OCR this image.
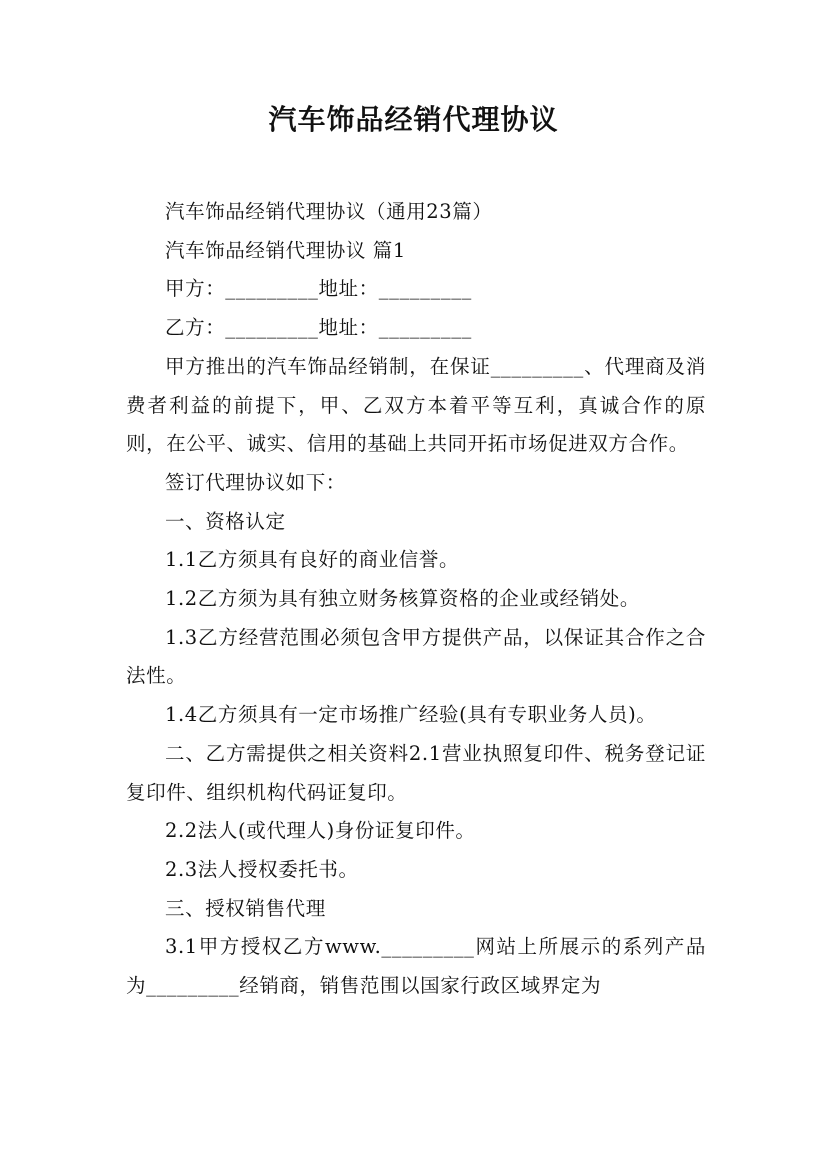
汽车饰品经销代理协议

汽车饰品经销代理协议（通用23篇）

汽车饰品经销代理协议 篇1

甲方：_________地址：_________

乙方：_________地址：_________

甲方推出的汽车饰品经销制，在保证_________、代理商及消费者利益的前提下，甲、乙双方本着平等互利，真诚合作的原则，在公平、诚实、信用的基础上共同开拓市场促进双方合作。

签订代理协议如下：

一、资格认定

1.1乙方须具有良好的商业信誉。

1.2乙方须为具有独立财务核算资格的企业或经销处。

1.3乙方经营范围必须包含甲方提供产品，以保证其合作之合法性。

1.4乙方须具有一定市场推广经验(具有专职业务人员)。

二、乙方需提供之相关资料2.1营业执照复印件、税务登记证复印件、组织机构代码证复印。

2.2法人(或代理人)身份证复印件。

2.3法人授权委托书。

三、授权销售代理

3.1甲方授权乙方www._________网站上所展示的系列产品为_________经销商，销售范围以国家行政区域界定为
